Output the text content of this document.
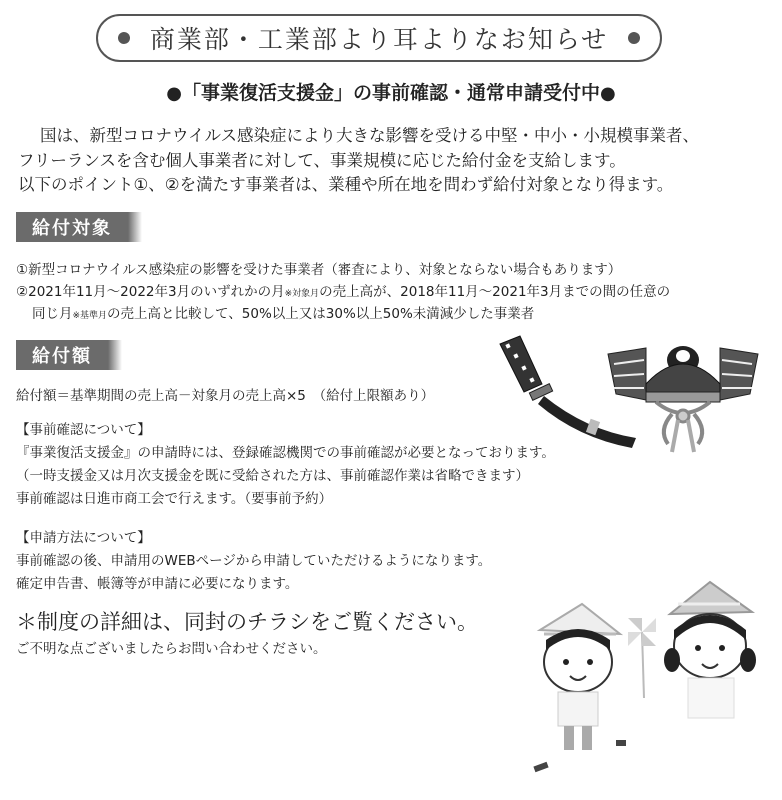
商業部・工業部より耳よりなお知らせ
●「事業復活支援金」の事前確認・通常申請受付中●
国は、新型コロナウイルス感染症により大きな影響を受ける中堅・中小・小規模事業者、
フリーランスを含む個人事業者に対して、事業規模に応じた給付金を支給します。
以下のポイント①、②を満たす事業者は、業種や所在地を問わず給付対象となり得ます。
給付対象
①新型コロナウイルス感染症の影響を受けた事業者（審査により、対象とならない場合もあります）
②2021年11月～2022年3月のいずれかの月※対象月の売上高が、2018年11月～2021年3月までの間の任意の
同じ月※基準月の売上高と比較して、50%以上又は30%以上50%未満減少した事業者
給付額
給付額＝基準期間の売上高－対象月の売上高×5　（給付上限額あり）
【事前確認について】
『事業復活支援金』の申請時には、登録確認機関での事前確認が必要となっております。
（一時支援金又は月次支援金を既に受給された方は、事前確認作業は省略できます）
事前確認は日進市商工会で行えます。（要事前予約）
【申請方法について】
事前確認の後、申請用のWEBページから申請していただけるようになります。
確定申告書、帳簿等が申請に必要になります。
＊制度の詳細は、同封のチラシをご覧ください。
ご不明な点ございましたらお問い合わせください。
